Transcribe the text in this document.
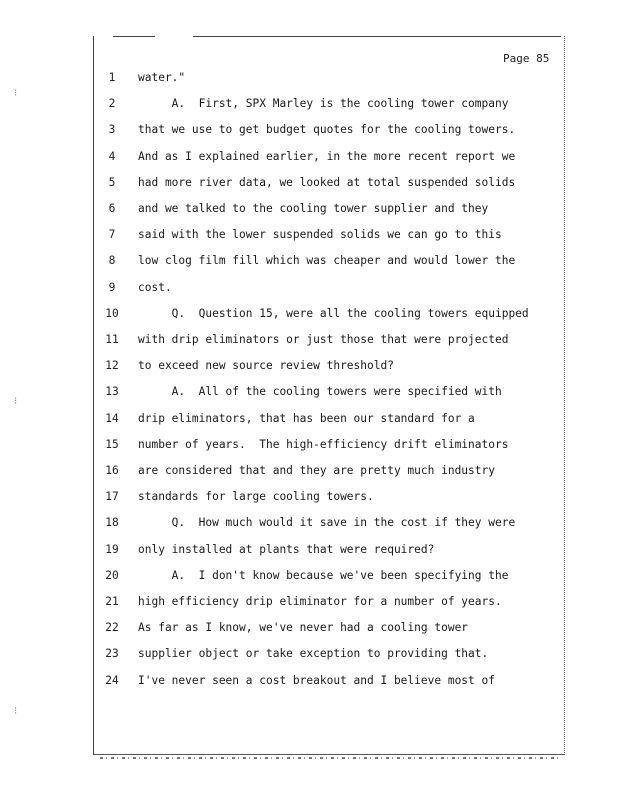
Page 85
1	water."
2	A.  First, SPX Marley is the cooling tower company
3	that we use to get budget quotes for the cooling towers.
4	And as I explained earlier, in the more recent report we
5	had more river data, we looked at total suspended solids
6	and we talked to the cooling tower supplier and they
7	said with the lower suspended solids we can go to this
8	low clog film fill which was cheaper and would lower the
9	cost.
10 Q.  Question 15, were all the cooling towers equipped
11 with drip eliminators or just those that were projected
12 to exceed new source review threshold?
13 A.  All of the cooling towers were specified with
14 drip eliminators, that has been our standard for a
15 number of years.  The high-efficiency drift eliminators
16 are considered that and they are pretty much industry
17 standards for large cooling towers.
18 Q.  How much would it save in the cost if they were
19 only installed at plants that were required?
20 A.  I don't know because we've been specifying the
21 high efficiency drip eliminator for a number of years.
22 As far as I know, we've never had a cooling tower
23 supplier object or take exception to providing that.
24 I've never seen a cost breakout and I believe most of
⁝
⁝
⁝
